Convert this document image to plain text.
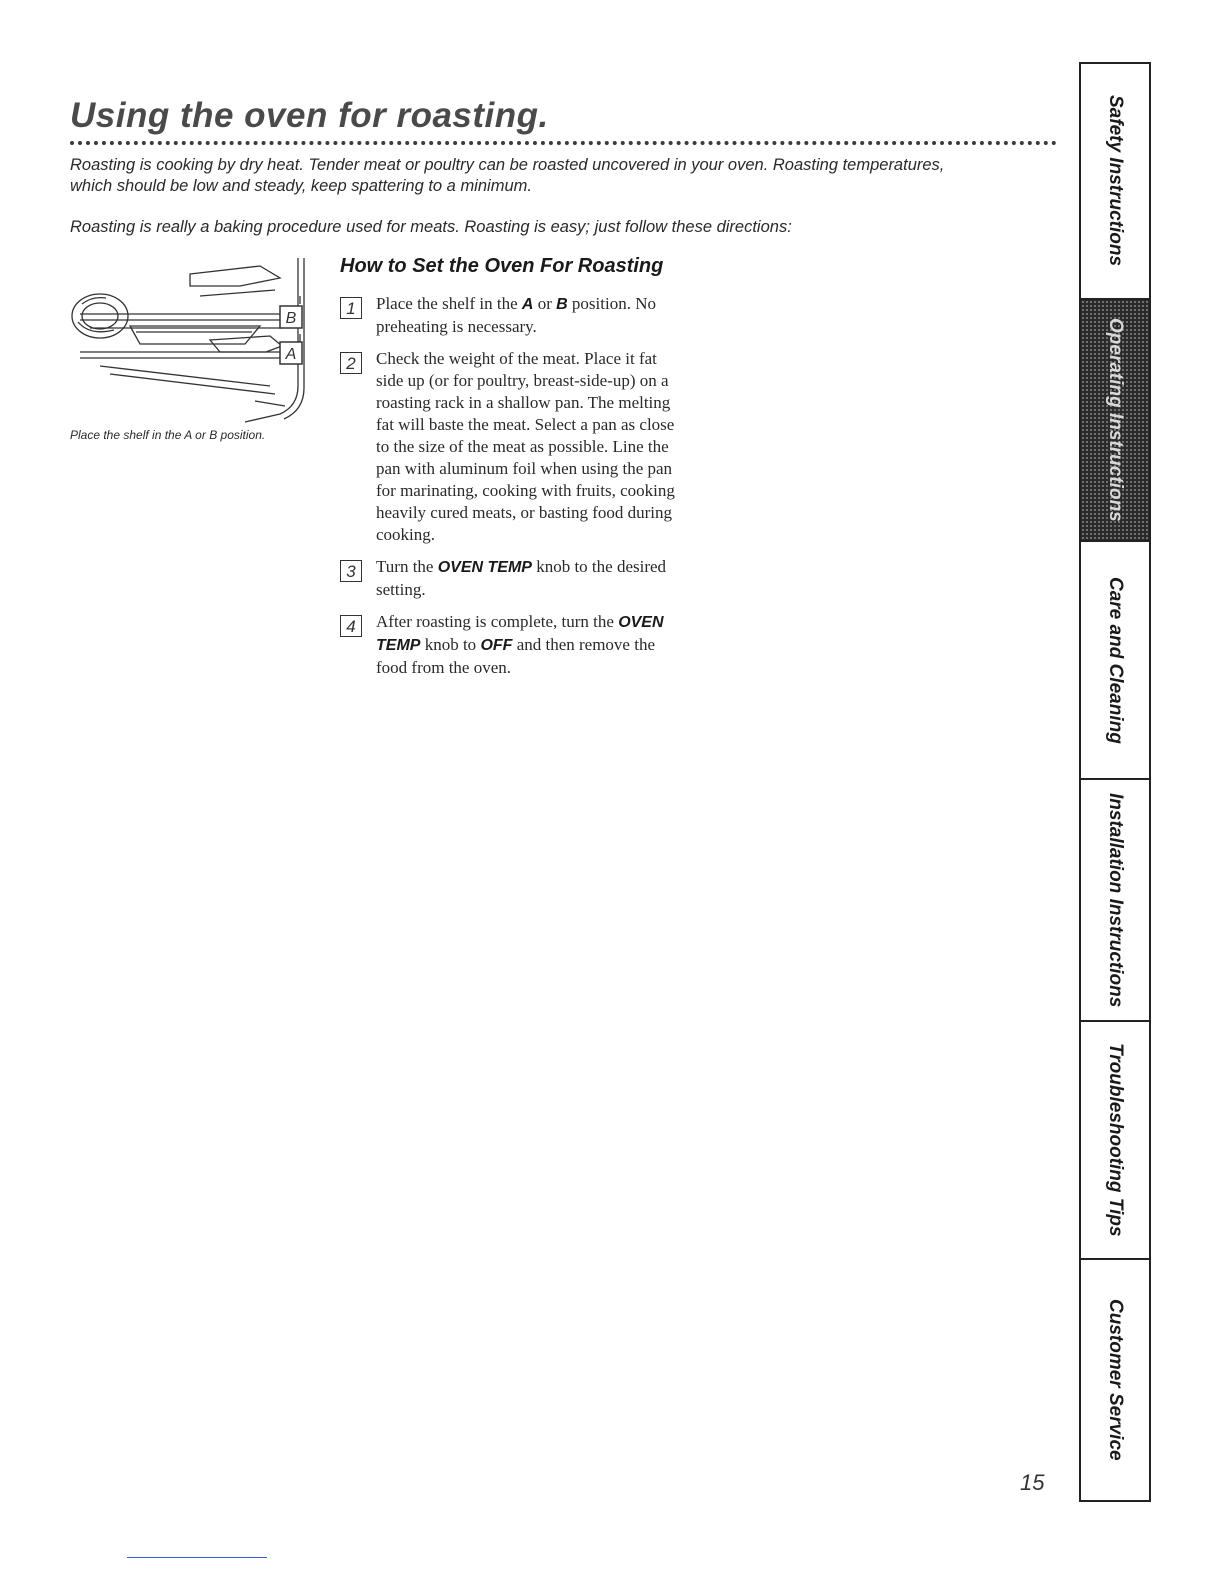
Using the oven for roasting.

Roasting is cooking by dry heat. Tender meat or poultry can be roasted uncovered in your oven. Roasting temperatures, which should be low and steady, keep spattering to a minimum.

Roasting is really a baking procedure used for meats. Roasting is easy; just follow these directions:

B
A

Place the shelf in the A or B position.

How to Set the Oven For Roasting
1	Place the shelf in the A or B position. No preheating is necessary.
2	Check the weight of the meat. Place it fat side up (or for poultry, breast-side-up) on a roasting rack in a shallow pan. The melting fat will baste the meat. Select a pan as close to the size of the meat as possible. Line the pan with aluminum foil when using the pan for marinating, cooking with fruits, cooking heavily cured meats, or basting food during cooking.
3	Turn the OVEN TEMP knob to the desired setting.
4	After roasting is complete, turn the OVEN TEMP knob to OFF and then remove the food from the oven.
Safety Instructions
Operating Instructions
Care and Cleaning
Installation Instructions
Troubleshooting Tips
Customer Service

15
